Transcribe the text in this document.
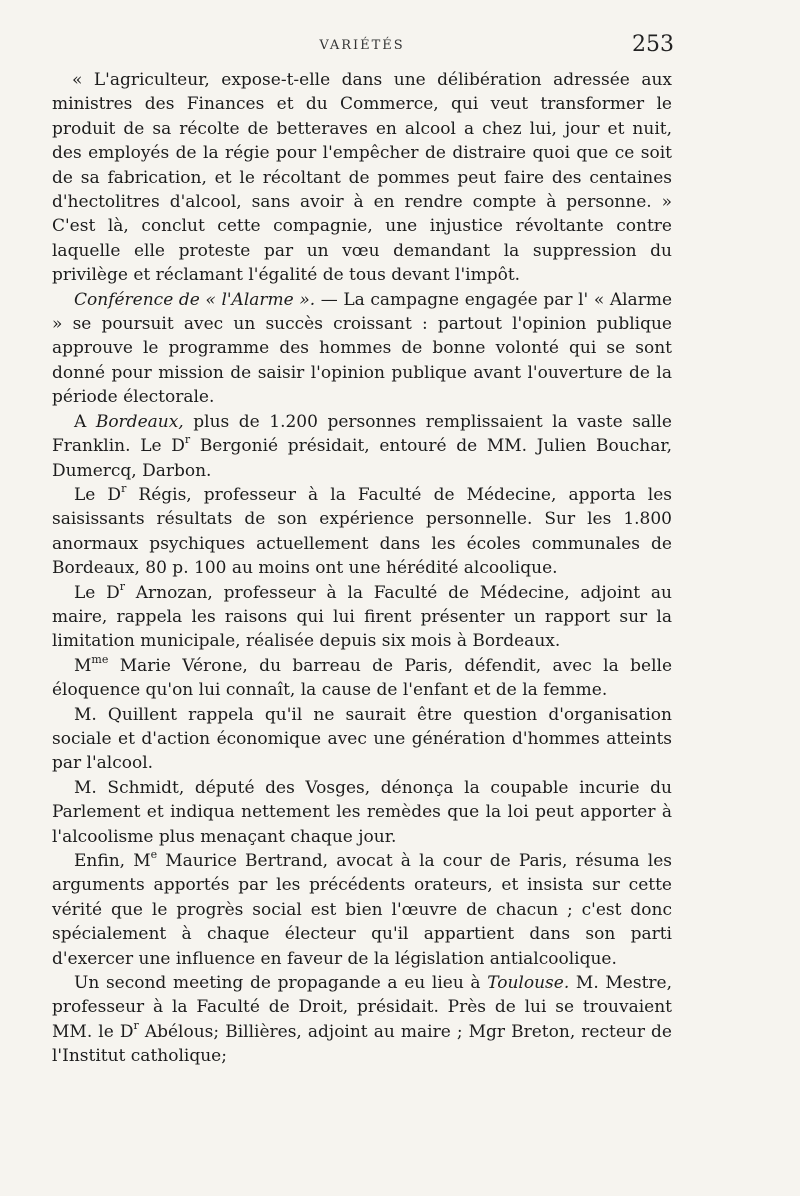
VARIÉTÉS	253

« L'agriculteur, expose-t-elle dans une délibération adressée aux ministres des Finances et du Commerce, qui veut transformer le produit de sa récolte de betteraves en alcool a chez lui, jour et nuit, des employés de la régie pour l'empêcher de distraire quoi que ce soit de sa fabrication, et le récoltant de pommes peut faire des centaines d'hectolitres d'alcool, sans avoir à en rendre compte à personne. » C'est là, conclut cette compagnie, une injustice révoltante contre laquelle elle proteste par un vœu demandant la suppression du privilège et réclamant l'égalité de tous devant l'impôt.

Conférence de « l'Alarme ». — La campagne engagée par l' « Alarme » se poursuit avec un succès croissant : partout l'opinion publique approuve le programme des hommes de bonne volonté qui se sont donné pour mission de saisir l'opinion publique avant l'ouverture de la période électorale.

A Bordeaux, plus de 1.200 personnes remplissaient la vaste salle Franklin. Le $D^r$ Bergonié présidait, entouré de MM. Julien Bouchar, Dumercq, Darbon.

Le $D^r$ Régis, professeur à la Faculté de Médecine, apporta les saisissants résultats de son expérience personnelle. Sur les 1.800 anormaux psychiques actuellement dans les écoles communales de Bordeaux, 80 p. 100 au moins ont une hérédité alcoolique.

Le $D^r$ Arnozan, professeur à la Faculté de Médecine, adjoint au maire, rappela les raisons qui lui firent présenter un rapport sur la limitation municipale, réalisée depuis six mois à Bordeaux.

$M^{me}$ Marie Vérone, du barreau de Paris, défendit, avec la belle éloquence qu'on lui connaît, la cause de l'enfant et de la femme.

M. Quillent rappela qu'il ne saurait être question d'organisation sociale et d'action économique avec une génération d'hommes atteints par l'alcool.

M. Schmidt, député des Vosges, dénonça la coupable incurie du Parlement et indiqua nettement les remèdes que la loi peut apporter à l'alcoolisme plus menaçant chaque jour.

Enfin, Me Maurice Bertrand, avocat à la cour de Paris, résuma les arguments apportés par les précédents orateurs, et insista sur cette vérité que le progrès social est bien l'œuvre de chacun ; c'est donc spécialement à chaque électeur qu'il appartient dans son parti d'exercer une influence en faveur de la législation antialcoolique.

Un second meeting de propagande a eu lieu à Toulouse. M. Mestre, professeur à la Faculté de Droit, présidait. Près de lui se trouvaient MM. le $D^r$ Abélous; Billières, adjoint au maire ; Mgr Breton, recteur de l'Institut catholique;
